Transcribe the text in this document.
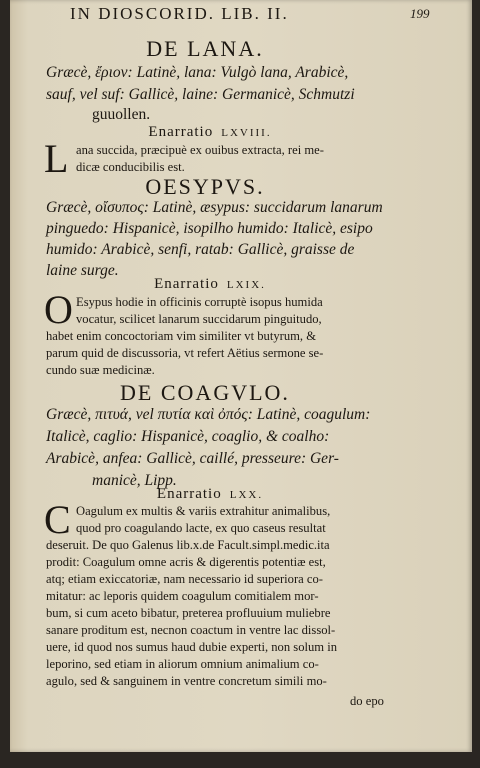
IN DIOSCORID. LIB. II.	199
DE LANA.
Græcè, ἔριον: Latinè, lana: Vulgò lana, Arabicè,
sauf, vel suf: Gallicè, laine: Germanicè, Schmutzi
guuollen.
Enarratio LXVIII.
L ana succida, præcipuè ex ouibus extracta, rei me-
dicæ conducibilis est.
OESYPVS.
Græcè, οἴσυπος: Latinè, æsypus: succidarum lanarum
pinguedo: Hispanicè, isopilho humido: Italicè, esipo
humido: Arabicè, senfi, ratab: Gallicè, graisse de
laine surge.
Enarratio LXIX.
O Esypus hodie in officinis corruptè isopus humida
vocatur, scilicet lanarum succidarum pinguitudo,
habet enim concoctoriam vim similiter vt butyrum, &
parum quid de discussoria, vt refert Aëtius sermone se-
cundo suæ medicinæ.
DE COAGVLO.
Græcè, πιτυά, vel πυτία καὶ ὀπός: Latinè, coagulum:
Italicè, caglio: Hispanicè, coaglio, & coalho:
Arabicè, anfea: Gallicè, caillé, presseure: Ger-
manicè, Lipp.
Enarratio LXX.
C Oagulum ex multis & variis extrahitur animalibus,
quod pro coagulando lacte, ex quo caseus resultat
deseruit. De quo Galenus lib.x.de Facult.simpl.medic.ita
prodit: Coagulum omne acris & digerentis potentiæ est,
atq; etiam exiccatoriæ, nam necessario id superiora co-
mitatur: ac leporis quidem coagulum comitialem mor-
bum, si cum aceto bibatur, preterea profluuium muliebre
sanare proditum est, necnon coactum in ventre lac dissol-
uere, id quod nos sumus haud dubie experti, non solum in
leporino, sed etiam in aliorum omnium animalium co-
agulo, sed & sanguinem in ventre concretum simili mo-
do epo
